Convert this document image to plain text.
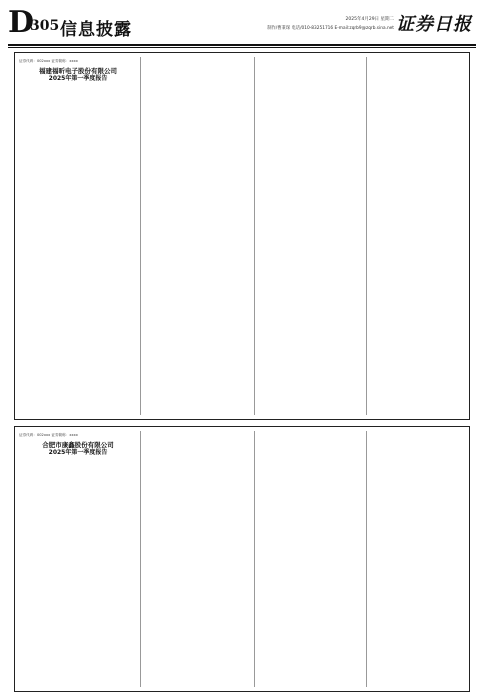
D
305 信息披露
2025年4月29日 星期二
制作/曹秉琛 电话/010-83251716 E-mail:zqrb9@zqrb.sina.net 证券日报
证券代码：002xxx 证券简称：xxxx
福建福昕电子股份有限公司
2025年第一季度报告
证券代码：002xxx 证券简称：xxxx
合肥市康鑫股份有限公司
2025年第一季度报告
